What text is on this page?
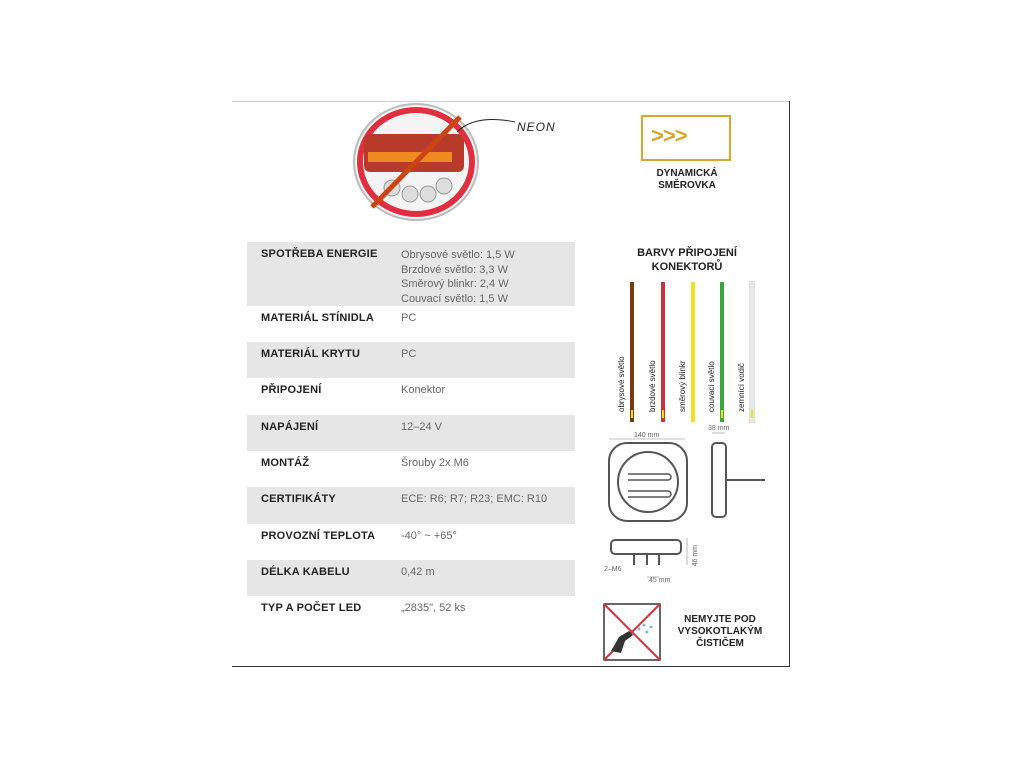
NEON
SPOTŘEBA ENERGIE	Obrysové světlo: 1,5 W
Brzdové světlo: 3,3 W
Směrový blinkr: 2,4 W
Couvací světlo: 1,5 W
MATERIÁL STÍNIDLA	PC
MATERIÁL KRYTU	PC
PŘIPOJENÍ	Konektor
NAPÁJENÍ	12–24 V
MONTÁŽ	Šrouby 2x M6
CERTIFIKÁTY	ECE: R6; R7; R23; EMC: R10
PROVOZNÍ TEPLOTA	-40° ~ +65°
DÉLKA KABELU	0,42 m
TYP A POČET LED	„2835", 52 ks
>>>
DYNAMICKÁ
SMĚROVKA
BARVY PŘIPOJENÍ
KONEKTORŮ
obrysové světlo	brzdové světlo	směrový blinkr	couvací světlo	zemnící vodič
140 mm
38 mm
46 mm
2–M6
45 mm
NEMYJTE POD
VYSOKOTLAKÝM
ČISTIČEM
